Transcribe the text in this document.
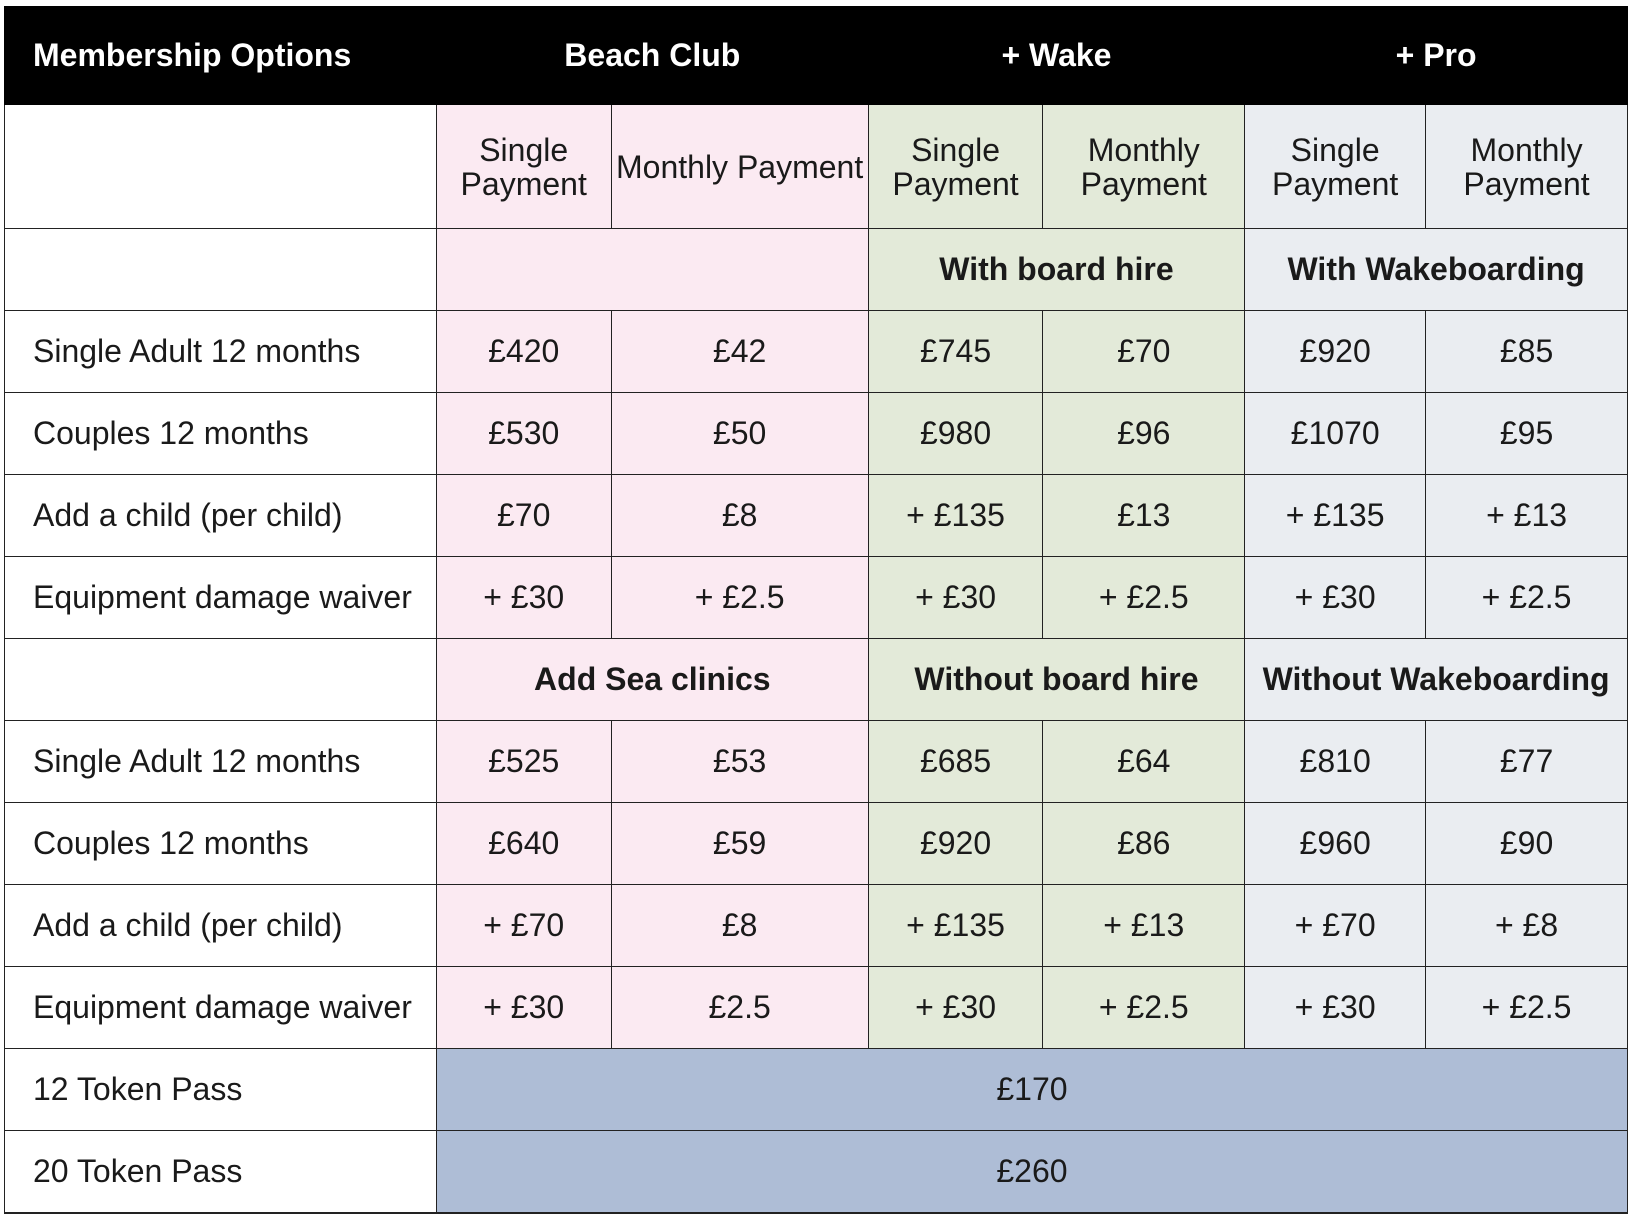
Membership Options	Beach Club		+ Wake		+ Pro	
	Single Payment	Monthly Payment	Single Payment	Monthly Payment	Single Payment	Monthly Payment
			With board hire		With Wakeboarding	
Single Adult 12 months	£420	£42	£745	£70	£920	£85
Couples 12 months	£530	£50	£980	£96	£1070	£95
Add a child (per child)	£70	£8	+ £135	£13	+ £135	+ £13
Equipment damage waiver	+ £30	+ £2.5	+ £30	+ £2.5	+ £30	+ £2.5
	Add Sea clinics		Without board hire		Without Wakeboarding	
Single Adult 12 months	£525	£53	£685	£64	£810	£77
Couples 12 months	£640	£59	£920	£86	£960	£90
Add a child (per child)	+ £70	£8	+ £135	+ £13	+ £70	+ £8
Equipment damage waiver	+ £30	£2.5	+ £30	+ £2.5	+ £30	+ £2.5
12 Token Pass	£170					
20 Token Pass	£260					
